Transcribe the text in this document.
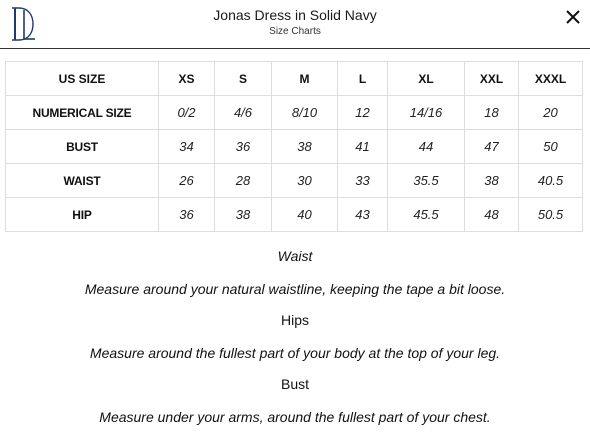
Jonas Dress in Solid Navy
Size Charts
US SIZE	XS	S	M	L	XL	XXL	XXXL
NUMERICAL SIZE	0/2	4/6	8/10	12	14/16	18	20
BUST	34	36	38	41	44	47	50
WAIST	26	28	30	33	35.5	38	40.5
HIP	36	38	40	43	45.5	48	50.5
Waist
Measure around your natural waistline, keeping the tape a bit loose.
Hips
Measure around the fullest part of your body at the top of your leg.
Bust
Measure under your arms, around the fullest part of your chest.
